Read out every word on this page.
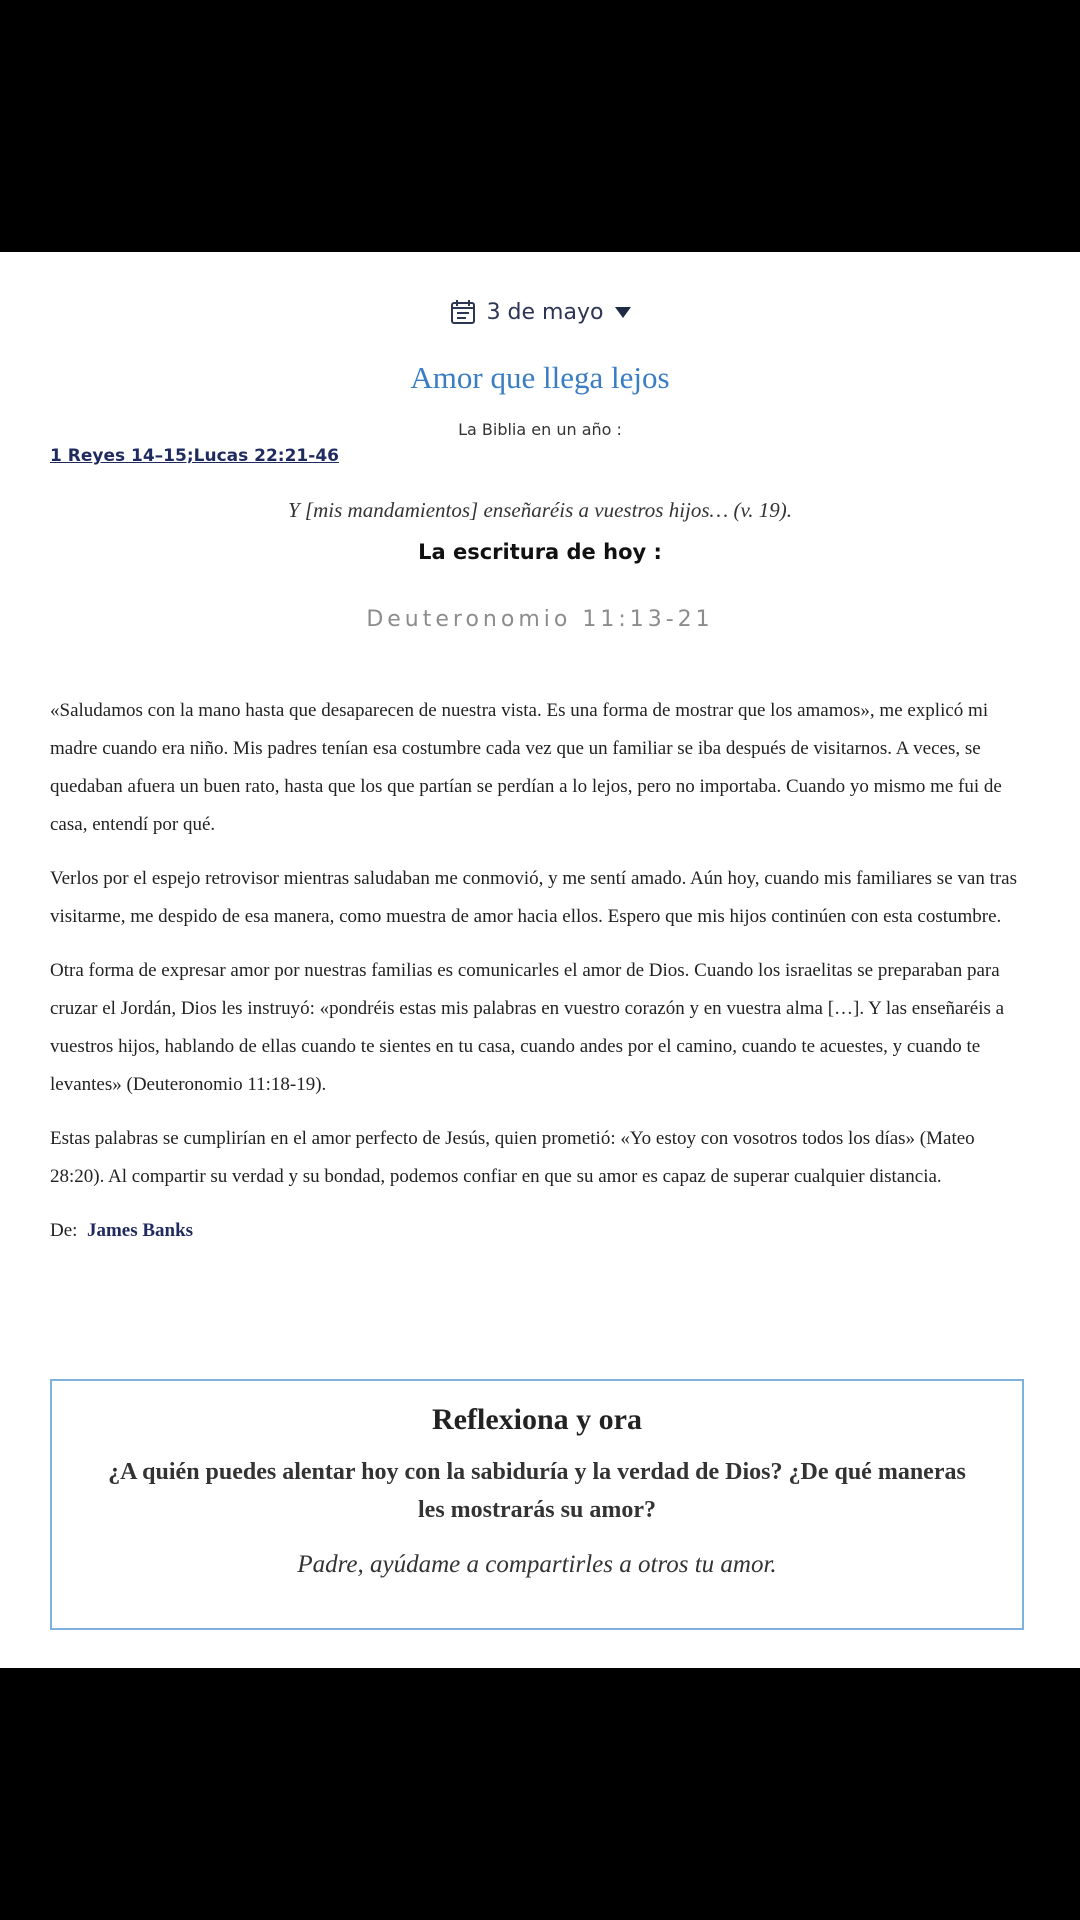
3 de mayo
Amor que llega lejos
La Biblia en un año :
1 Reyes 14–15;Lucas 22:21-46
Y [mis mandamientos] enseñaréis a vuestros hijos… (v. 19).
La escritura de hoy :
Deuteronomio 11:13-21

«Saludamos con la mano hasta que desaparecen de nuestra vista. Es una forma de mostrar que los amamos», me explicó mi madre cuando era niño. Mis padres tenían esa costumbre cada vez que un familiar se iba después de visitarnos. A veces, se quedaban afuera un buen rato, hasta que los que partían se perdían a lo lejos, pero no importaba. Cuando yo mismo me fui de casa, entendí por qué.

Verlos por el espejo retrovisor mientras saludaban me conmovió, y me sentí amado. Aún hoy, cuando mis familiares se van tras visitarme, me despido de esa manera, como muestra de amor hacia ellos. Espero que mis hijos continúen con esta costumbre.

Otra forma de expresar amor por nuestras familias es comunicarles el amor de Dios. Cuando los israelitas se preparaban para cruzar el Jordán, Dios les instruyó: «pondréis estas mis palabras en vuestro corazón y en vuestra alma […]. Y las enseñaréis a vuestros hijos, hablando de ellas cuando te sientes en tu casa, cuando andes por el camino, cuando te acuestes, y cuando te levantes» (Deuteronomio 11:18-19).

Estas palabras se cumplirían en el amor perfecto de Jesús, quien prometió: «Yo estoy con vosotros todos los días» (Mateo 28:20). Al compartir su verdad y su bondad, podemos confiar en que su amor es capaz de superar cualquier distancia.

De: James Banks

Reflexiona y ora
¿A quién puedes alentar hoy con la sabiduría y la verdad de Dios? ¿De qué maneras les mostrarás su amor?
Padre, ayúdame a compartirles a otros tu amor.
